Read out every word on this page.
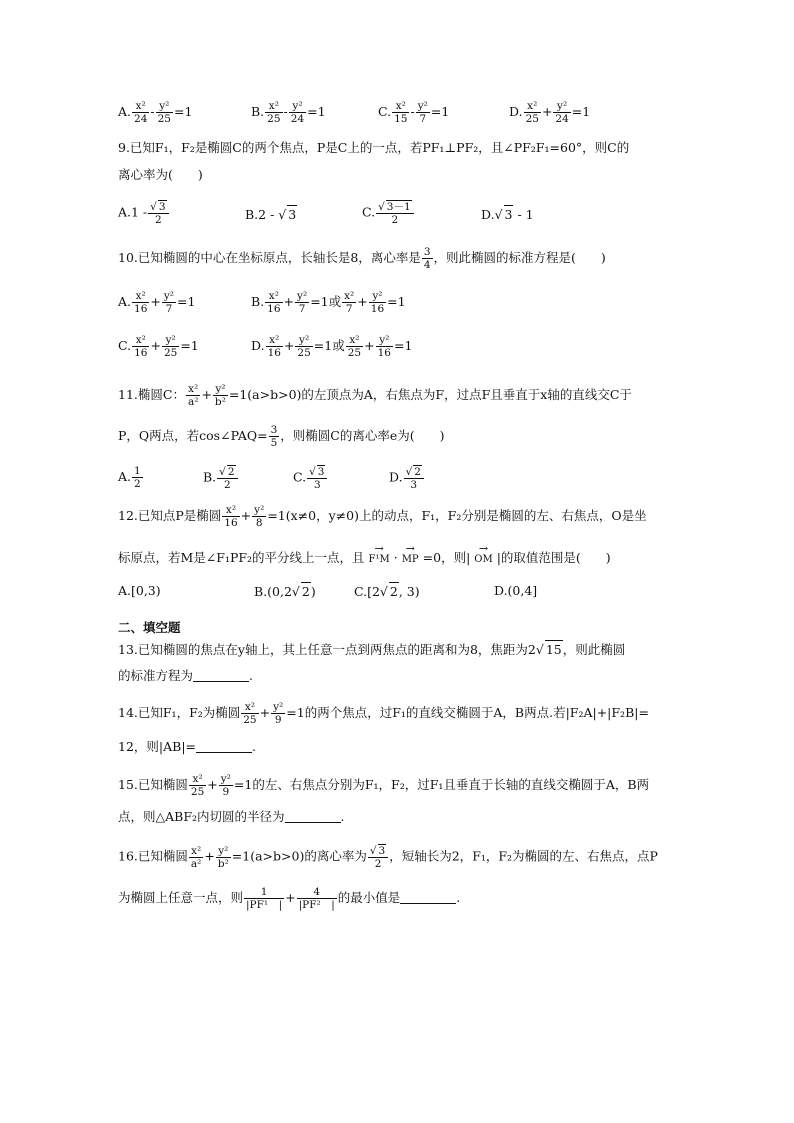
A. $\frac{\text{x²}}{24} - \frac{\text{y²}}{25} =1$	B. $\frac{\text{x²}}{25} - \frac{\text{y²}}{24} =1$	C. $\frac{\text{x²}}{15} - \frac{\text{y²}}{7} =1$	D. $\frac{\text{x²}}{25} + \frac{\text{y²}}{24} =1$
9.已知F₁，F₂是椭圆C的两个焦点，P是C上的一点，若PF₁⊥PF₂，且∠PF₂F₁=60°，则C的
离心率为(　　)
$A.1 - \frac{√ 3}{2}$	B.2 - √ 3	C. $\frac{√ 3-1}{2}$	D.√ 3 - 1
10.已知椭圆的中心在坐标原点，长轴长是8，离心率是 $\frac{3}{4}$ ，则此椭圆的标准方程是(　　)
A. $\frac{\text{x²}}{16} + \frac{\text{y²}}{7} =1$	B. $\frac{\text{x²}}{16} + \frac{\text{y²}}{7} =1$或 $\frac{\text{x²}}{7} + \frac{\text{y²}}{16} =1$
C. $\frac{\text{x²}}{16} + \frac{\text{y²}}{25} =1$	D. $\frac{\text{x²}}{16} + \frac{\text{y²}}{25} =1$或 $\frac{\text{x²}}{25} + \frac{\text{y²}}{16} =1$
11.椭圆C： $\frac{\text{x²}}{\text{a²}} + \frac{\text{y²}}{\text{b²}} =1(a>b>0)$的左顶点为A，右焦点为F，过点F且垂直于x轴的直线交C于
P，Q两点，若cos∠PAQ= $\frac{3}{5}$ ，则椭圆C的离心率e为(　　)
A. $\frac{1}{2}$	B. $\frac{√ 2}{2}$	C. $\frac{√ 3}{3}$	D. $\frac{√ 2}{3}$
12.已知点P是椭圆 $\frac{\text{x²}}{16} + \frac{\text{y²}}{8} =1(x\ne 0$，y≠0)上的动点，F₁，F₂分别是椭圆的左、右焦点，O是坐
标原点，若M是∠F₁PF₂的平分线上一点，且 → F¹M · → MP =0，则| → OM |的取值范围是(　　)
A.[0,3)	B.(0,2√ 2)	C.[2√ 2, 3)	D.(0,4]
二、填空题
13.已知椭圆的焦点在y轴上，其上任意一点到两焦点的距离和为8，焦距为2√ 15，则此椭圆
的标准方程为	.
14.已知F₁，F₂为椭圆 $\frac{\text{x²}}{25} + \frac{\text{y²}}{9} =1$的两个焦点，过F₁的直线交椭圆于A，B两点.若|F₂A|+|F₂B|=
12，则|AB|=	.
15.已知椭圆 $\frac{\text{x²}}{25} + \frac{\text{y²}}{9} =1$的左、右焦点分别为F₁，F₂，过F₁且垂直于长轴的直线交椭圆于A，B两
点，则△ABF₂内切圆的半径为	.
16.已知椭圆 $\frac{\text{x²}}{\text{a²}} + \frac{\text{y²}}{\text{b²}} =1(a>b>0)$的离心率为 $\frac{√ 3}{2}$ ，短轴长为2，F₁，F₂为椭圆的左、右焦点，点P
为椭圆上任意一点，则 $\frac{1}{\text{|PF¹　|}} + \frac{4}{\text{|PF²　|}}$ 的最小值是	.
